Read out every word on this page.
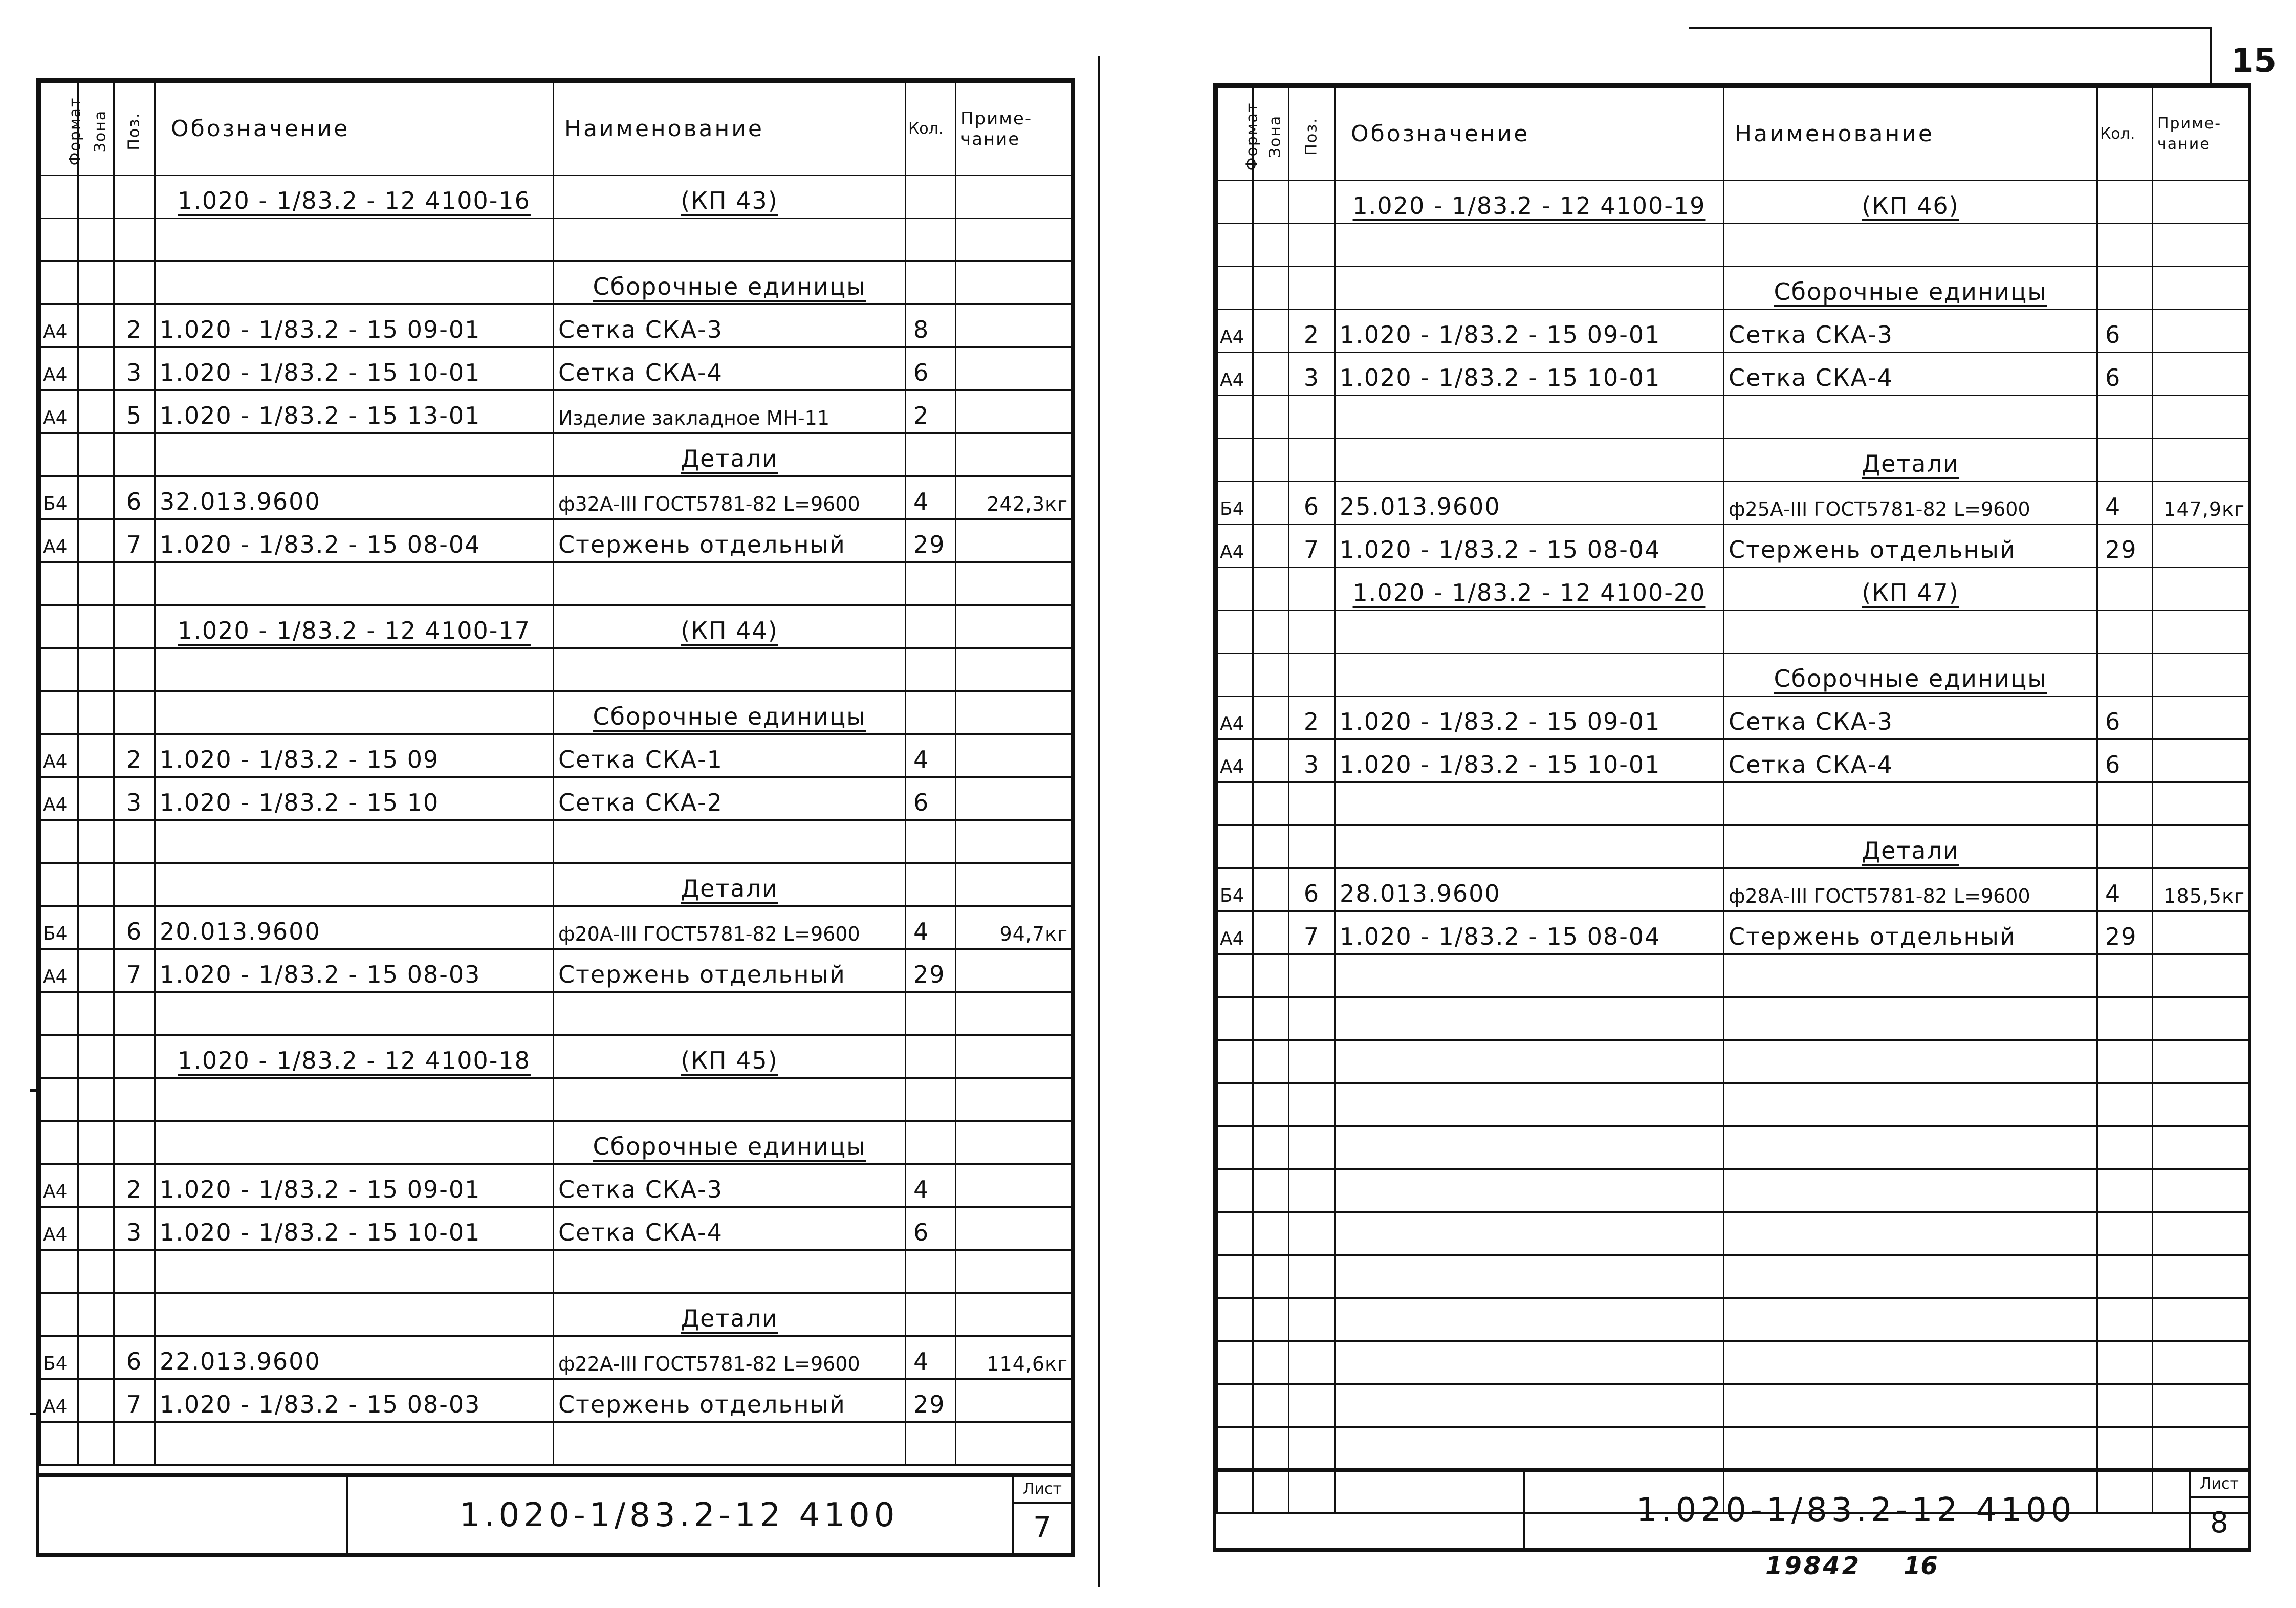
15
Формат	Зона	Поз.	Обозначение	Наименование	Кол.	Приме-
чание

			1.020 - 1/83.2 - 12 4100-16	(КП 43)		

				Сборочные единицы		
А4		2	1.020 - 1/83.2 - 15 09-01	Сетка СКА-3	8	
А4		3	1.020 - 1/83.2 - 15 10-01	Сетка СКА-4	6	
А4		5	1.020 - 1/83.2 - 15 13-01	Изделие закладное МН-11	2	
				Детали		
Б4		6	32.013.9600	ф32А-III ГОСТ5781-82 L=9600	4	242,3кг
А4		7	1.020 - 1/83.2 - 15 08-04	Стержень отдельный	29	

			1.020 - 1/83.2 - 12 4100-17	(КП 44)		

				Сборочные единицы		
А4		2	1.020 - 1/83.2 - 15 09	Сетка СКА-1	4	
А4		3	1.020 - 1/83.2 - 15 10	Сетка СКА-2	6	

				Детали		
Б4		6	20.013.9600	ф20А-III ГОСТ5781-82 L=9600	4	94,7кг
А4		7	1.020 - 1/83.2 - 15 08-03	Стержень отдельный	29	

			1.020 - 1/83.2 - 12 4100-18	(КП 45)		

				Сборочные единицы		
А4		2	1.020 - 1/83.2 - 15 09-01	Сетка СКА-3	4	
А4		3	1.020 - 1/83.2 - 15 10-01	Сетка СКА-4	6	

				Детали		
Б4		6	22.013.9600	ф22А-III ГОСТ5781-82 L=9600	4	114,6кг
А4		7	1.020 - 1/83.2 - 15 08-03	Стержень отдельный	29	

1.020-1/83.2-12 4100
Лист
7
Формат	Зона	Поз.	Обозначение	Наименование	Кол.	Приме-
чание

			1.020 - 1/83.2 - 12 4100-19	(КП 46)		

				Сборочные единицы		
А4		2	1.020 - 1/83.2 - 15 09-01	Сетка СКА-3	6	
А4		3	1.020 - 1/83.2 - 15 10-01	Сетка СКА-4	6	

				Детали		
Б4		6	25.013.9600	ф25А-III ГОСТ5781-82 L=9600	4	147,9кг
А4		7	1.020 - 1/83.2 - 15 08-04	Стержень отдельный	29	
			1.020 - 1/83.2 - 12 4100-20	(КП 47)		

				Сборочные единицы		
А4		2	1.020 - 1/83.2 - 15 09-01	Сетка СКА-3	6	
А4		3	1.020 - 1/83.2 - 15 10-01	Сетка СКА-4	6	

				Детали		
Б4		6	28.013.9600	ф28А-III ГОСТ5781-82 L=9600	4	185,5кг
А4		7	1.020 - 1/83.2 - 15 08-04	Стержень отдельный	29	

1.020-1/83.2-12 4100
Лист
8
19842 16
